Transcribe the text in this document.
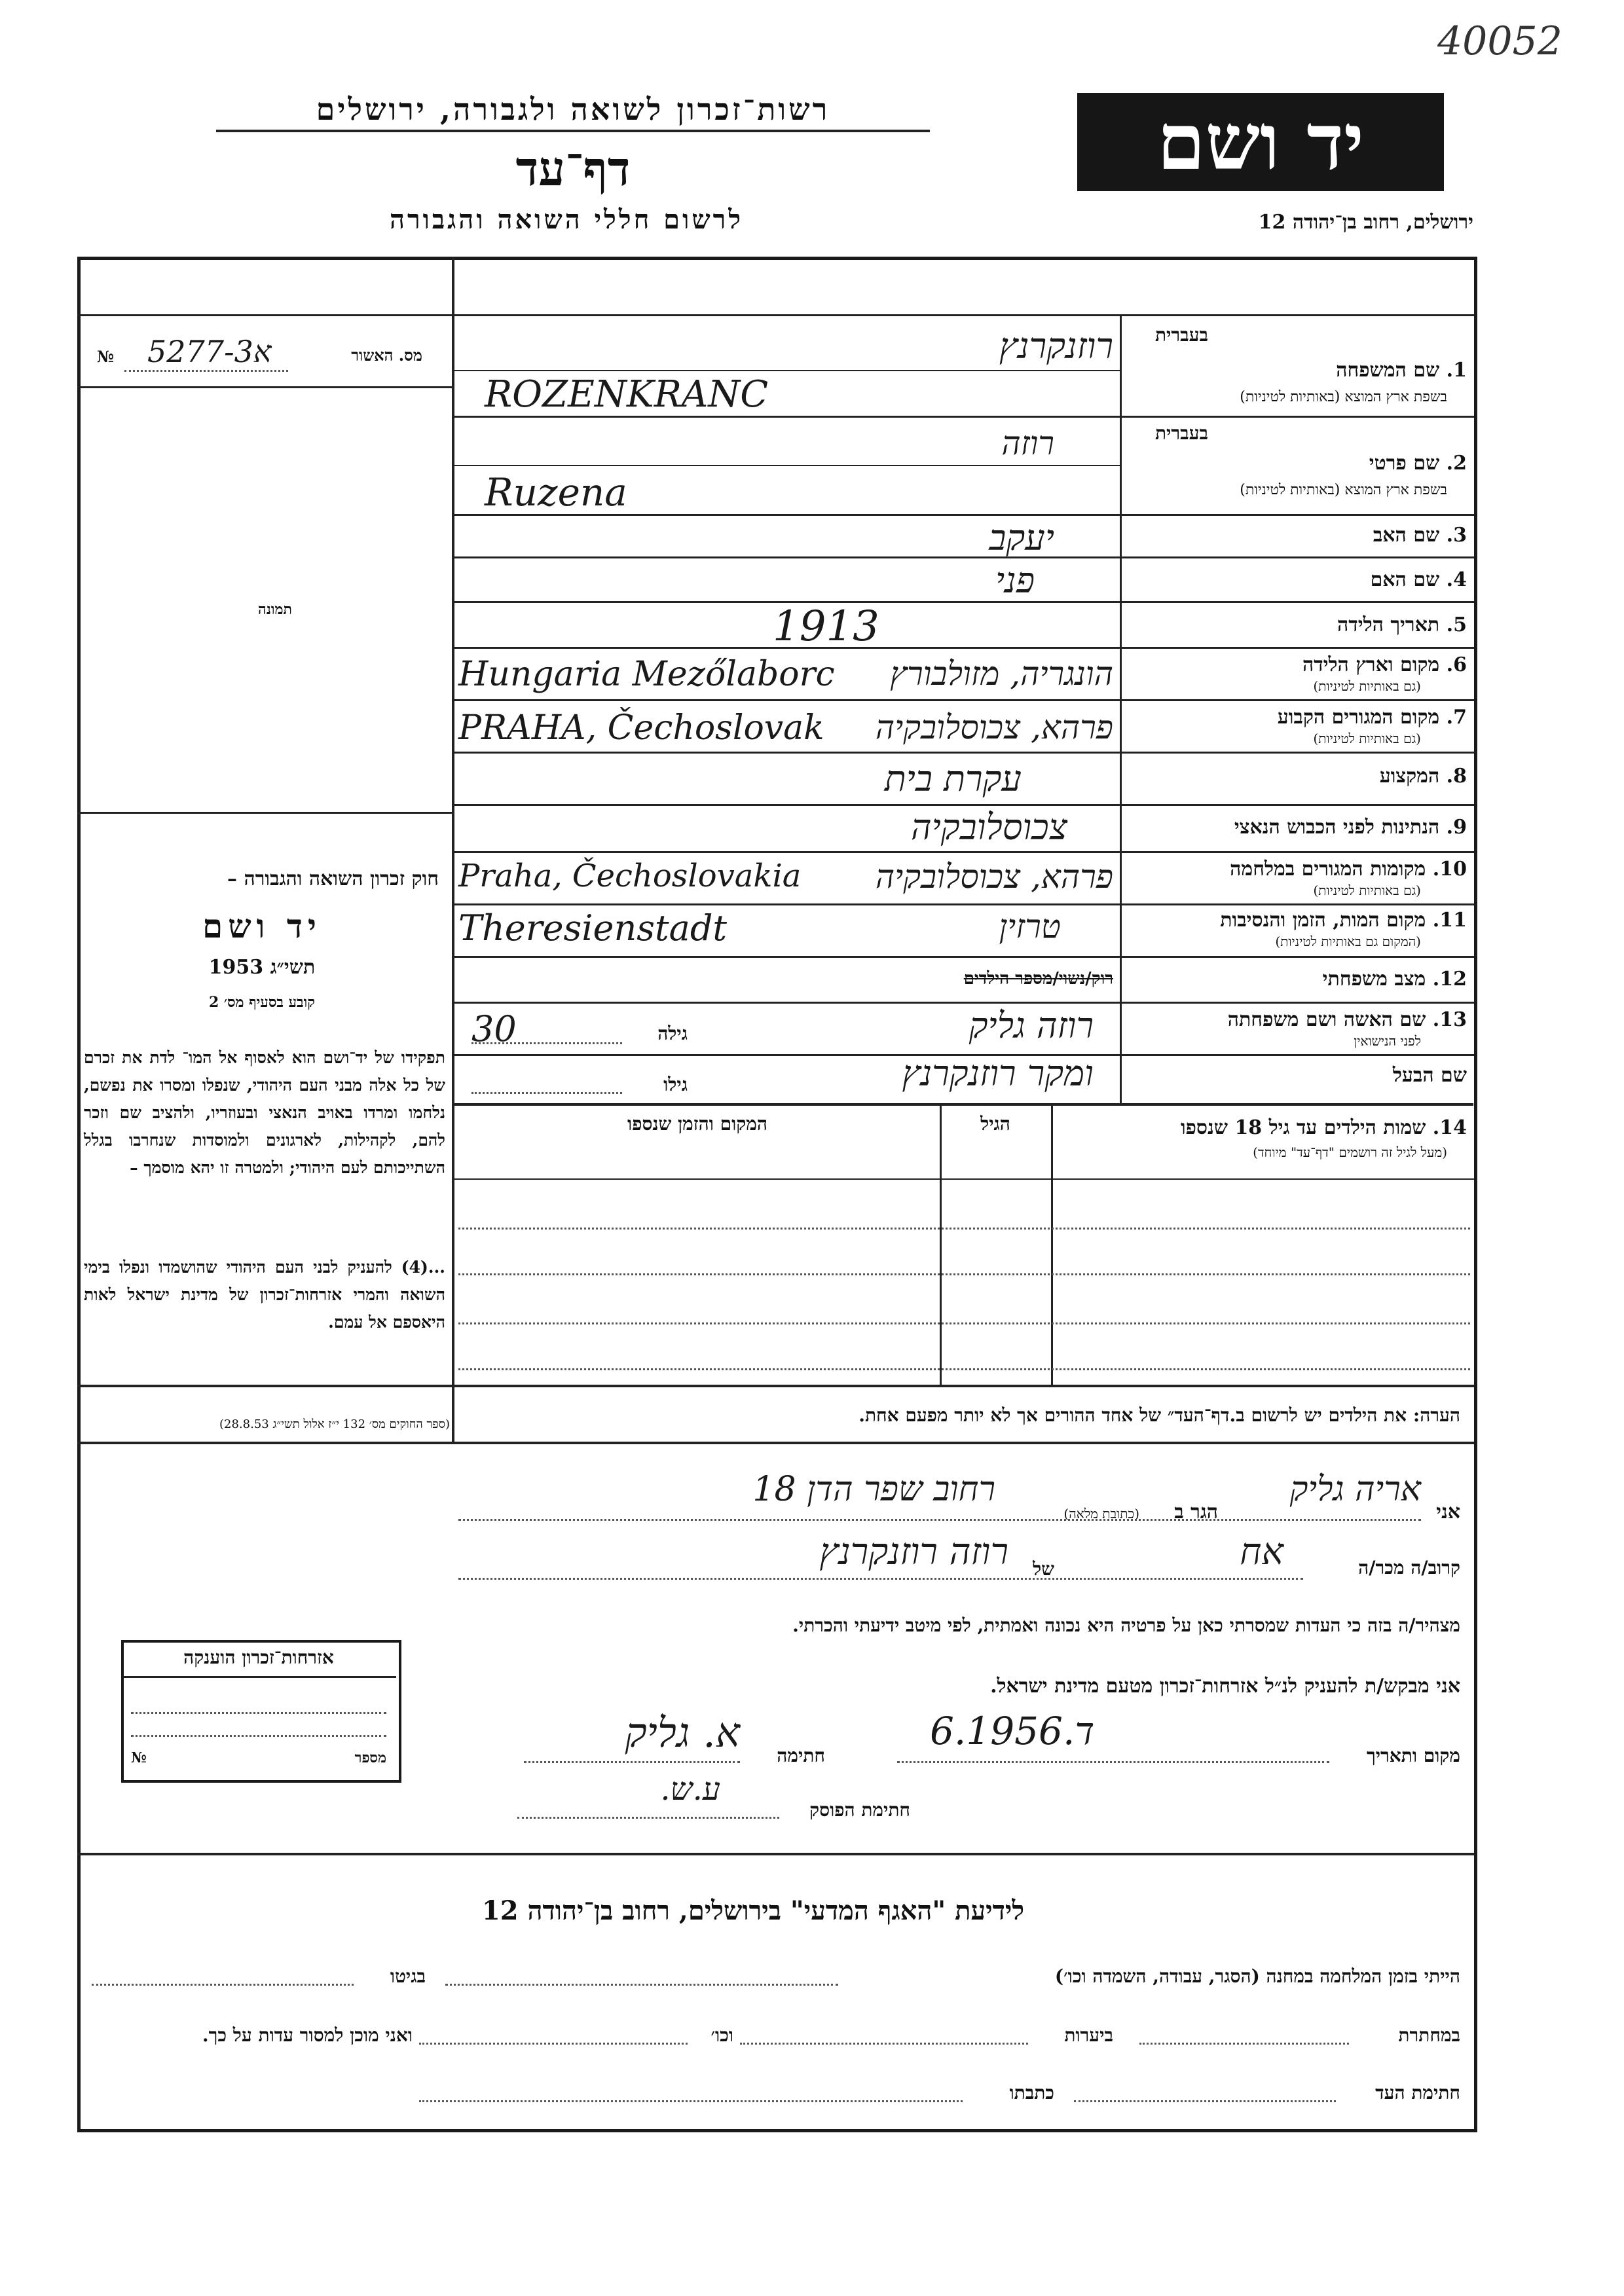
40052
יד ושם
רשות־זכרון לשואה ולגבורה, ירושלים
דף־עד
לרשום חללי השואה והגבורה	ירושלים, רחוב בן־יהודה 12
מס. האשור
5277-3א
№
תמונה
חוק זכרון השואה והגבורה –
יד ושם
תשי״ג 1953
קובע בסעיף מס׳ 2
תפקידו של יד־ושם הוא לאסוף אל המו־ לדת את זכרם של כל אלה מבני העם היהודי, שנפלו ומסרו את נפשם, נלחמו ומרדו באויב הנאצי ובעוזריו, ולהציב שם וזכר להם, לקהילות, לארגונים ולמוסדות שנחרבו בגלל השתייכותם לעם היהודי; ולמטרה זו יהא מוסמך –
...(4) להעניק לבני העם היהודי שהושמדו ונפלו בימי השואה והמרי אזרחות־זכרון של מדינת ישראל לאות היאספם אל עמם.
(ספר החוקים מס׳ 132 י״ז אלול תשי״ג 28.8.53)
בעברית
1. שם המשפחה
בשפת ארץ המוצא (באותיות לטיניות)
רוזנקרנץ
ROZENKRANC
בעברית
2. שם פרטי
בשפת ארץ המוצא (באותיות לטיניות)
רוזה
Ruzena
3. שם האב
יעקב
4. שם האם
פני
5. תאריך הלידה
1913
6. מקום וארץ הלידה
(גם באותיות לטיניות)
Hungaria Mezőlaborc	הונגריה, מזולבורץ
7. מקום המגורים הקבוע
(גם באותיות לטיניות)
PRAHA, Čechoslovak	פרהא, צכוסלובקיה
8. המקצוע
עקרת בית
9. הנתינות לפני הכבוש הנאצי
צכוסלובקיה
10. מקומות המגורים במלחמה
(גם באותיות לטיניות)
Praha, Čechoslovakia	פרהא, צכוסלובקיה
11. מקום המות, הזמן והנסיבות
(המקום גם באותיות לטיניות)
Theresienstadt	טרזין
12. מצב משפחתי
רוק/נשוי/מספר הילדים
13. שם האשה ושם משפחתה
לפני הנישואין
רוזה גליק
גילה
30
שם הבעל
ומקר רוזנקרנץ
גילו
14. שמות הילדים עד גיל 18 שנספו
(מעל לגיל זה רושמים "דף־עד" מיוחד)
הגיל
המקום והזמן שנספו
הערה: את הילדים יש לרשום ב.דף־העד״ של אחד ההורים אך לא יותר מפעם אחת.
אני
אריה גליק
הגר ב
(כתובת מלאה)
רחוב שפר הדן 18
קרוב/ה מכר/ה
אח
של
רוזה רוזנקרנץ
מצהיר/ה בזה כי העדות שמסרתי כאן על פרטיה היא נכונה ואמתית, לפי מיטב ידיעתי והכרתי.
אני מבקש/ת להעניק לנ״ל אזרחות־זכרון מטעם מדינת ישראל.
מקום ותאריך
6.ד.1956
חתימה
א. גליק
חתימת הפוסק
ע.ש.
אזרחות־זכרון הוענקה
מספר
№
לידיעת "האגף המדעי" בירושלים, רחוב בן־יהודה 12
הייתי בזמן המלחמה במחנה (הסגר, עבודה, השמדה וכו׳)
בגיטו
במחתרת
ביערות
וכו׳
ואני מוכן למסור עדות על כך.
חתימת העד
כתבתו
